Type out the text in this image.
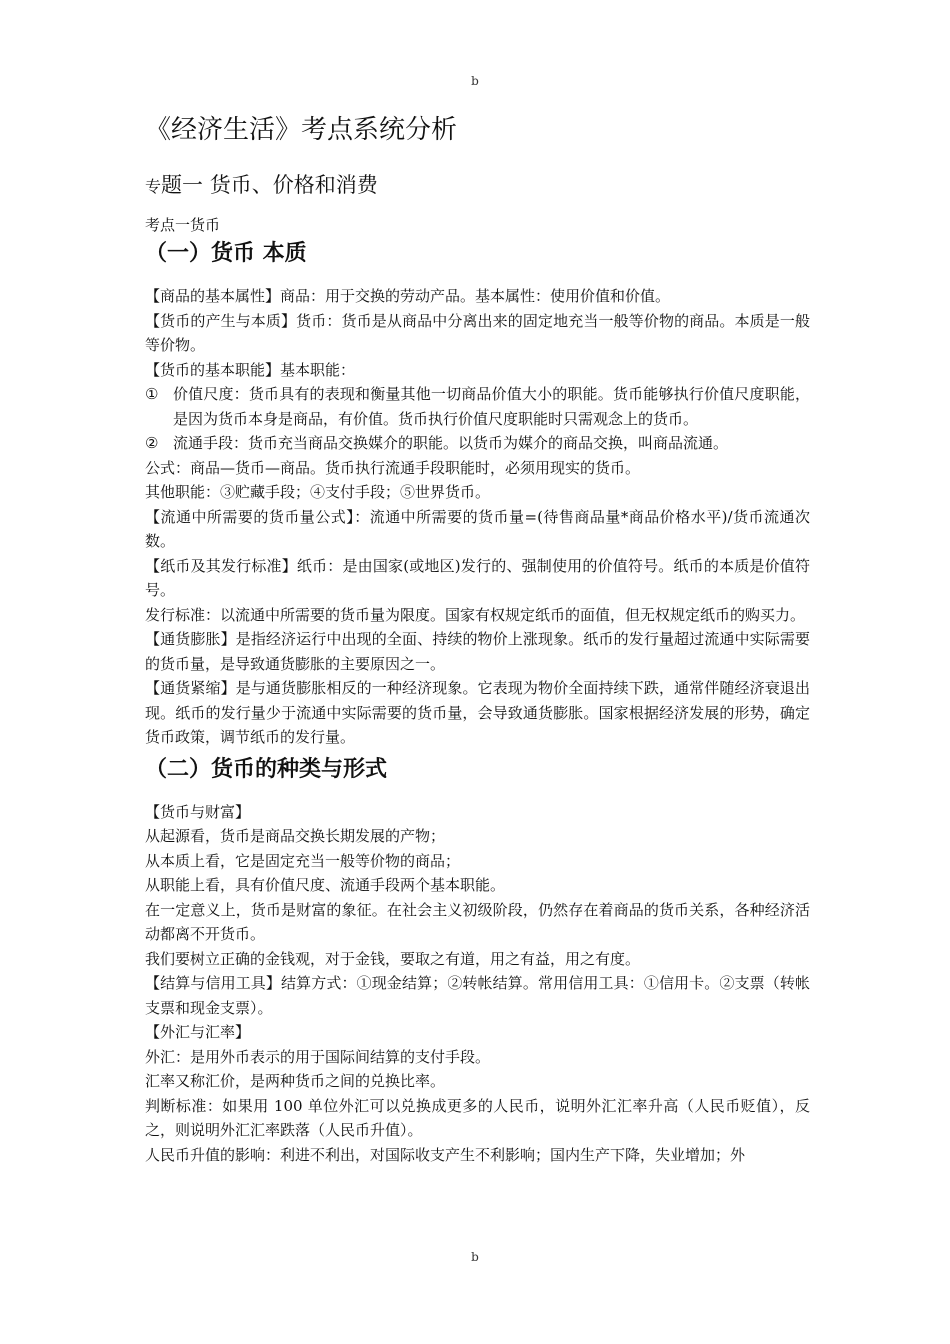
b
《经济生活》考点系统分析
专题一 货币、价格和消费
考点一货币
（一）货币 本质

【商品的基本属性】商品：用于交换的劳动产品。基本属性：使用价值和价值。

【货币的产生与本质】货币：货币是从商品中分离出来的固定地充当一般等价物的商品。本质是一般等价物。

【货币的基本职能】基本职能：

① 价值尺度：货币具有的表现和衡量其他一切商品价值大小的职能。货币能够执行价值尺度职能，是因为货币本身是商品，有价值。货币执行价值尺度职能时只需观念上的货币。
② 流通手段：货币充当商品交换媒介的职能。以货币为媒介的商品交换，叫商品流通。

公式：商品—货币—商品。货币执行流通手段职能时，必须用现实的货币。

其他职能：③贮藏手段；④支付手段；⑤世界货币。

【流通中所需要的货币量公式】：流通中所需要的货币量=(待售商品量*商品价格水平)/货币流通次数。

【纸币及其发行标准】纸币：是由国家(或地区)发行的、强制使用的价值符号。纸币的本质是价值符号。

发行标准：以流通中所需要的货币量为限度。国家有权规定纸币的面值，但无权规定纸币的购买力。

【通货膨胀】是指经济运行中出现的全面、持续的物价上涨现象。纸币的发行量超过流通中实际需要的货币量，是导致通货膨胀的主要原因之一。

【通货紧缩】是与通货膨胀相反的一种经济现象。它表现为物价全面持续下跌，通常伴随经济衰退出现。纸币的发行量少于流通中实际需要的货币量，会导致通货膨胀。国家根据经济发展的形势，确定货币政策，调节纸币的发行量。

（二）货币的种类与形式

【货币与财富】

从起源看，货币是商品交换长期发展的产物；

从本质上看，它是固定充当一般等价物的商品；

从职能上看，具有价值尺度、流通手段两个基本职能。

在一定意义上，货币是财富的象征。在社会主义初级阶段，仍然存在着商品的货币关系，各种经济活动都离不开货币。

我们要树立正确的金钱观，对于金钱，要取之有道，用之有益，用之有度。

【结算与信用工具】结算方式：①现金结算；②转帐结算。常用信用工具：①信用卡。②支票（转帐支票和现金支票）。

【外汇与汇率】

外汇：是用外币表示的用于国际间结算的支付手段。

汇率又称汇价，是两种货币之间的兑换比率。

判断标准：如果用 100 单位外汇可以兑换成更多的人民币，说明外汇汇率升高（人民币贬值），反之，则说明外汇汇率跌落（人民币升值）。

人民币升值的影响：利进不利出，对国际收支产生不利影响；国内生产下降，失业增加；外

b
